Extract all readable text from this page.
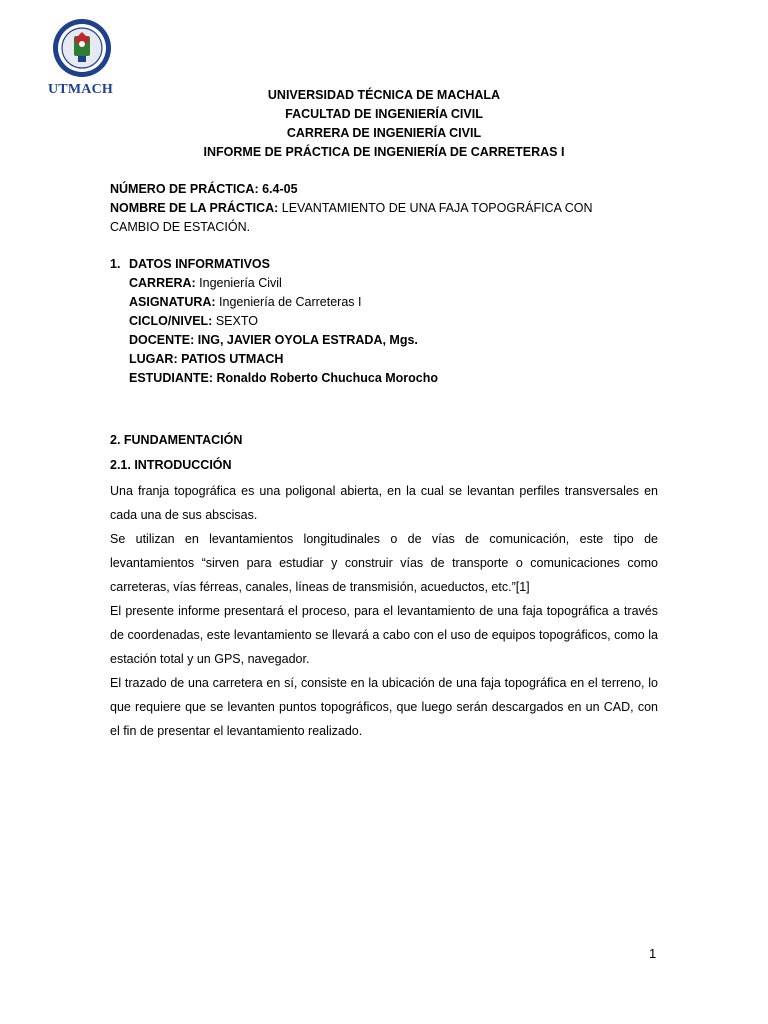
UTMACH	UNIVERSIDAD TÉCNICA DE MACHALA
FACULTAD DE INGENIERÍA CIVIL
CARRERA DE INGENIERÍA CIVIL
INFORME DE PRÁCTICA DE INGENIERÍA DE CARRETERAS I
NÚMERO DE PRÁCTICA: 6.4-05
NOMBRE DE LA PRÁCTICA: LEVANTAMIENTO DE UNA FAJA TOPOGRÁFICA CON CAMBIO DE ESTACIÓN.
1. DATOS INFORMATIVOS
CARRERA: Ingeniería Civil
ASIGNATURA: Ingeniería de Carreteras I
CICLO/NIVEL: SEXTO
DOCENTE: ING, JAVIER OYOLA ESTRADA, Mgs.
LUGAR: PATIOS UTMACH
ESTUDIANTE: Ronaldo Roberto Chuchuca Morocho
2. FUNDAMENTACIÓN
2.1. INTRODUCCIÓN

Una franja topográfica es una poligonal abierta, en la cual se levantan perfiles transversales en cada una de sus abscisas.

Se utilizan en levantamientos longitudinales o de vías de comunicación, este tipo de levantamientos “sirven para estudiar y construir vías de transporte o comunicaciones como carreteras, vías férreas, canales, líneas de transmisión, acueductos, etc.”[1]

El presente informe presentará el proceso, para el levantamiento de una faja topográfica a través de coordenadas, este levantamiento se llevará a cabo con el uso de equipos topográficos, como la estación total y un GPS, navegador.

El trazado de una carretera en sí, consiste en la ubicación de una faja topográfica en el terreno, lo que requiere que se levanten puntos topográficos, que luego serán descargados en un CAD, con el fin de presentar el levantamiento realizado.

1
